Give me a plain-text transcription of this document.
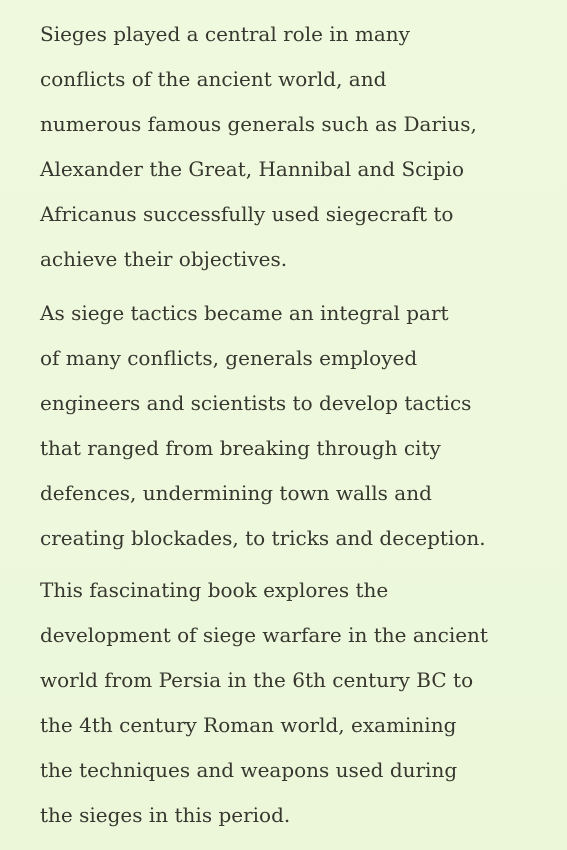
Sieges played a central role in many
conflicts of the ancient world, and
numerous famous generals such as Darius,
Alexander the Great, Hannibal and Scipio
Africanus successfully used siegecraft to
achieve their objectives.
As siege tactics became an integral part
of many conflicts, generals employed
engineers and scientists to develop tactics
that ranged from breaking through city
defences, undermining town walls and
creating blockades, to tricks and deception.
This fascinating book explores the
development of siege warfare in the ancient
world from Persia in the 6th century BC to
the 4th century Roman world, examining
the techniques and weapons used during
the sieges in this period.
